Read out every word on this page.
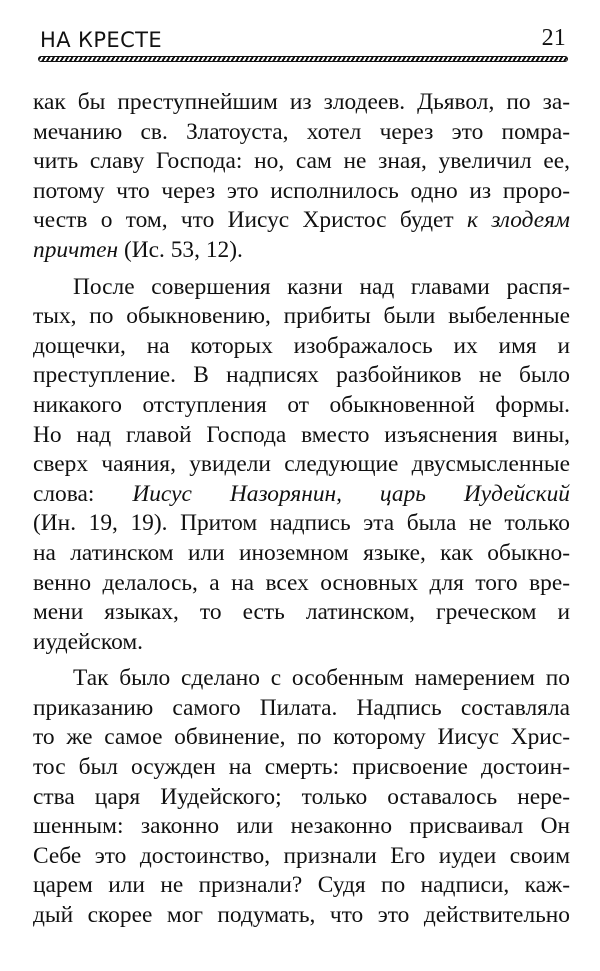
НА КРЕСТЕ	21

как бы преступнейшим из злодеев. Дьявол, по за-
мечанию св. Златоуста, хотел через это помра-
чить славу Господа: но, сам не зная, увеличил ее,
потому что через это исполнилось одно из проро-
честв о том, что Иисус Христос будет к злодеям
причтен (Ис. 53, 12).

После совершения казни над главами распя-
тых, по обыкновению, прибиты были выбеленные
дощечки, на которых изображалось их имя и
преступление. В надписях разбойников не было
никакого отступления от обыкновенной формы.
Но над главой Господа вместо изъяснения вины,
сверх чаяния, увидели следующие двусмысленные
слова: Иисус Назорянин, царь Иудейский
(Ин. 19, 19). Притом надпись эта была не только
на латинском или иноземном языке, как обыкно-
венно делалось, а на всех основных для того вре-
мени языках, то есть латинском, греческом и
иудейском.

Так было сделано с особенным намерением по
приказанию самого Пилата. Надпись составляла
то же самое обвинение, по которому Иисус Хрис-
тос был осужден на смерть: присвоение достоин-
ства царя Иудейского; только оставалось нере-
шенным: законно или незаконно присваивал Он
Себе это достоинство, признали Его иудеи своим
царем или не признали? Судя по надписи, каж-
дый скорее мог подумать, что это действительно
